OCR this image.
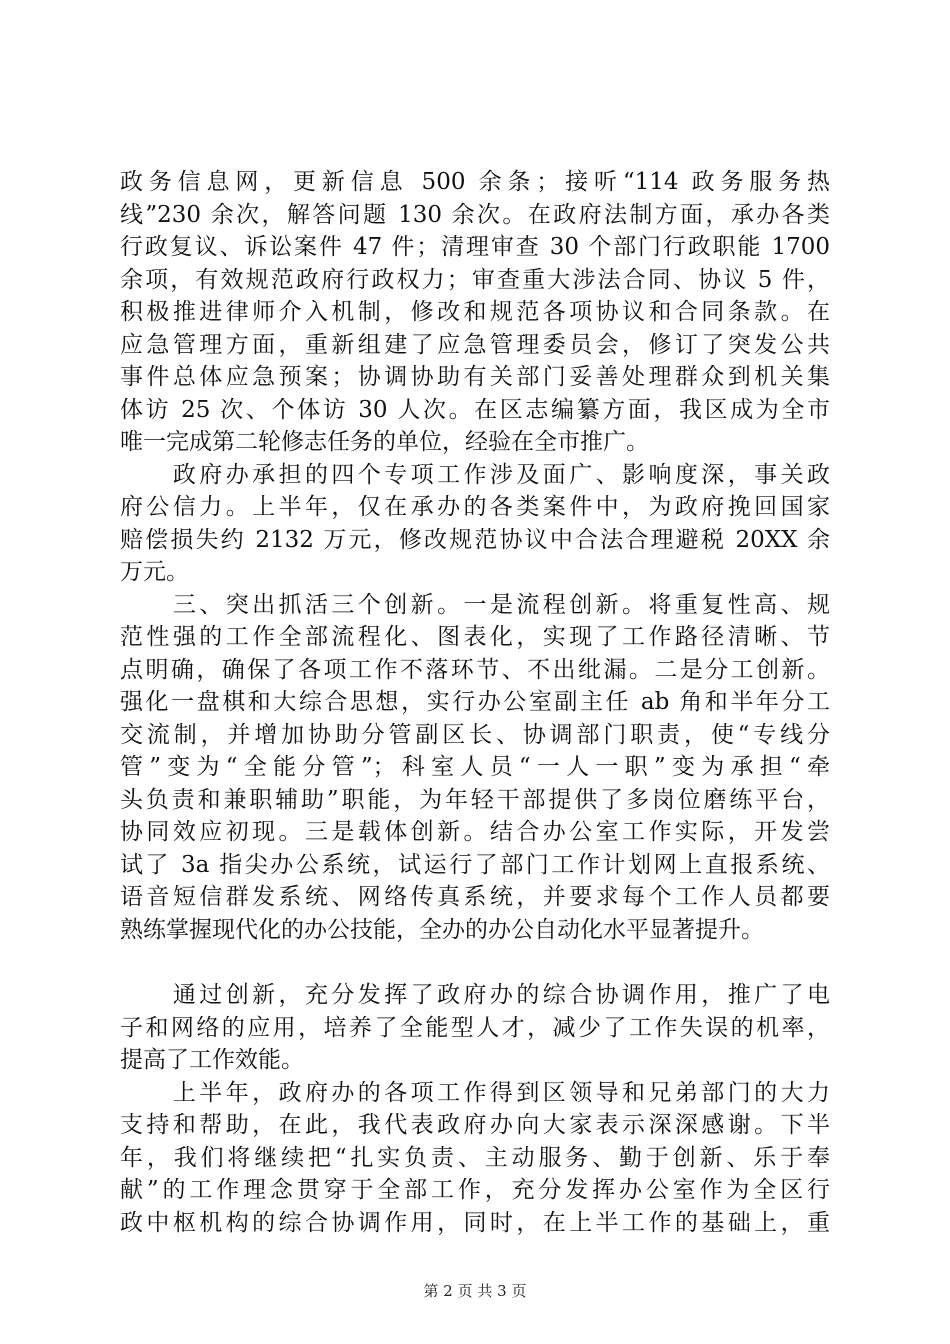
政务信息网，更新信息 500 余条；接听“114 政务服务热
线”230 余次，解答问题 130 余次。在政府法制方面，承办各类
行政复议、诉讼案件 47 件；清理审查 30 个部门行政职能 1700
余项，有效规范政府行政权力；审查重大涉法合同、协议 5 件，
积极推进律师介入机制，修改和规范各项协议和合同条款。在
应急管理方面，重新组建了应急管理委员会，修订了突发公共
事件总体应急预案；协调协助有关部门妥善处理群众到机关集
体访 25 次、个体访 30 人次。在区志编纂方面，我区成为全市
唯一完成第二轮修志任务的单位，经验在全市推广。
　　政府办承担的四个专项工作涉及面广、影响度深，事关政
府公信力。上半年，仅在承办的各类案件中，为政府挽回国家
赔偿损失约 2132 万元，修改规范协议中合法合理避税 20XX 余
万元。
　　三、突出抓活三个创新。一是流程创新。将重复性高、规
范性强的工作全部流程化、图表化，实现了工作路径清晰、节
点明确，确保了各项工作不落环节、不出纰漏。二是分工创新。
强化一盘棋和大综合思想，实行办公室副主任 ab 角和半年分工
交流制，并增加协助分管副区长、协调部门职责，使“专线分
管”变为“全能分管”；科室人员“一人一职”变为承担“牵
头负责和兼职辅助”职能，为年轻干部提供了多岗位磨练平台，
协同效应初现。三是载体创新。结合办公室工作实际，开发尝
试了 3a 指尖办公系统，试运行了部门工作计划网上直报系统、
语音短信群发系统、网络传真系统，并要求每个工作人员都要
熟练掌握现代化的办公技能，全办的办公自动化水平显著提升。
　　通过创新，充分发挥了政府办的综合协调作用，推广了电
子和网络的应用，培养了全能型人才，减少了工作失误的机率，
提高了工作效能。
　　上半年，政府办的各项工作得到区领导和兄弟部门的大力
支持和帮助，在此，我代表政府办向大家表示深深感谢。下半
年，我们将继续把“扎实负责、主动服务、勤于创新、乐于奉
献”的工作理念贯穿于全部工作，充分发挥办公室作为全区行
政中枢机构的综合协调作用，同时，在上半工作的基础上，重
第 2 页 共 3 页
